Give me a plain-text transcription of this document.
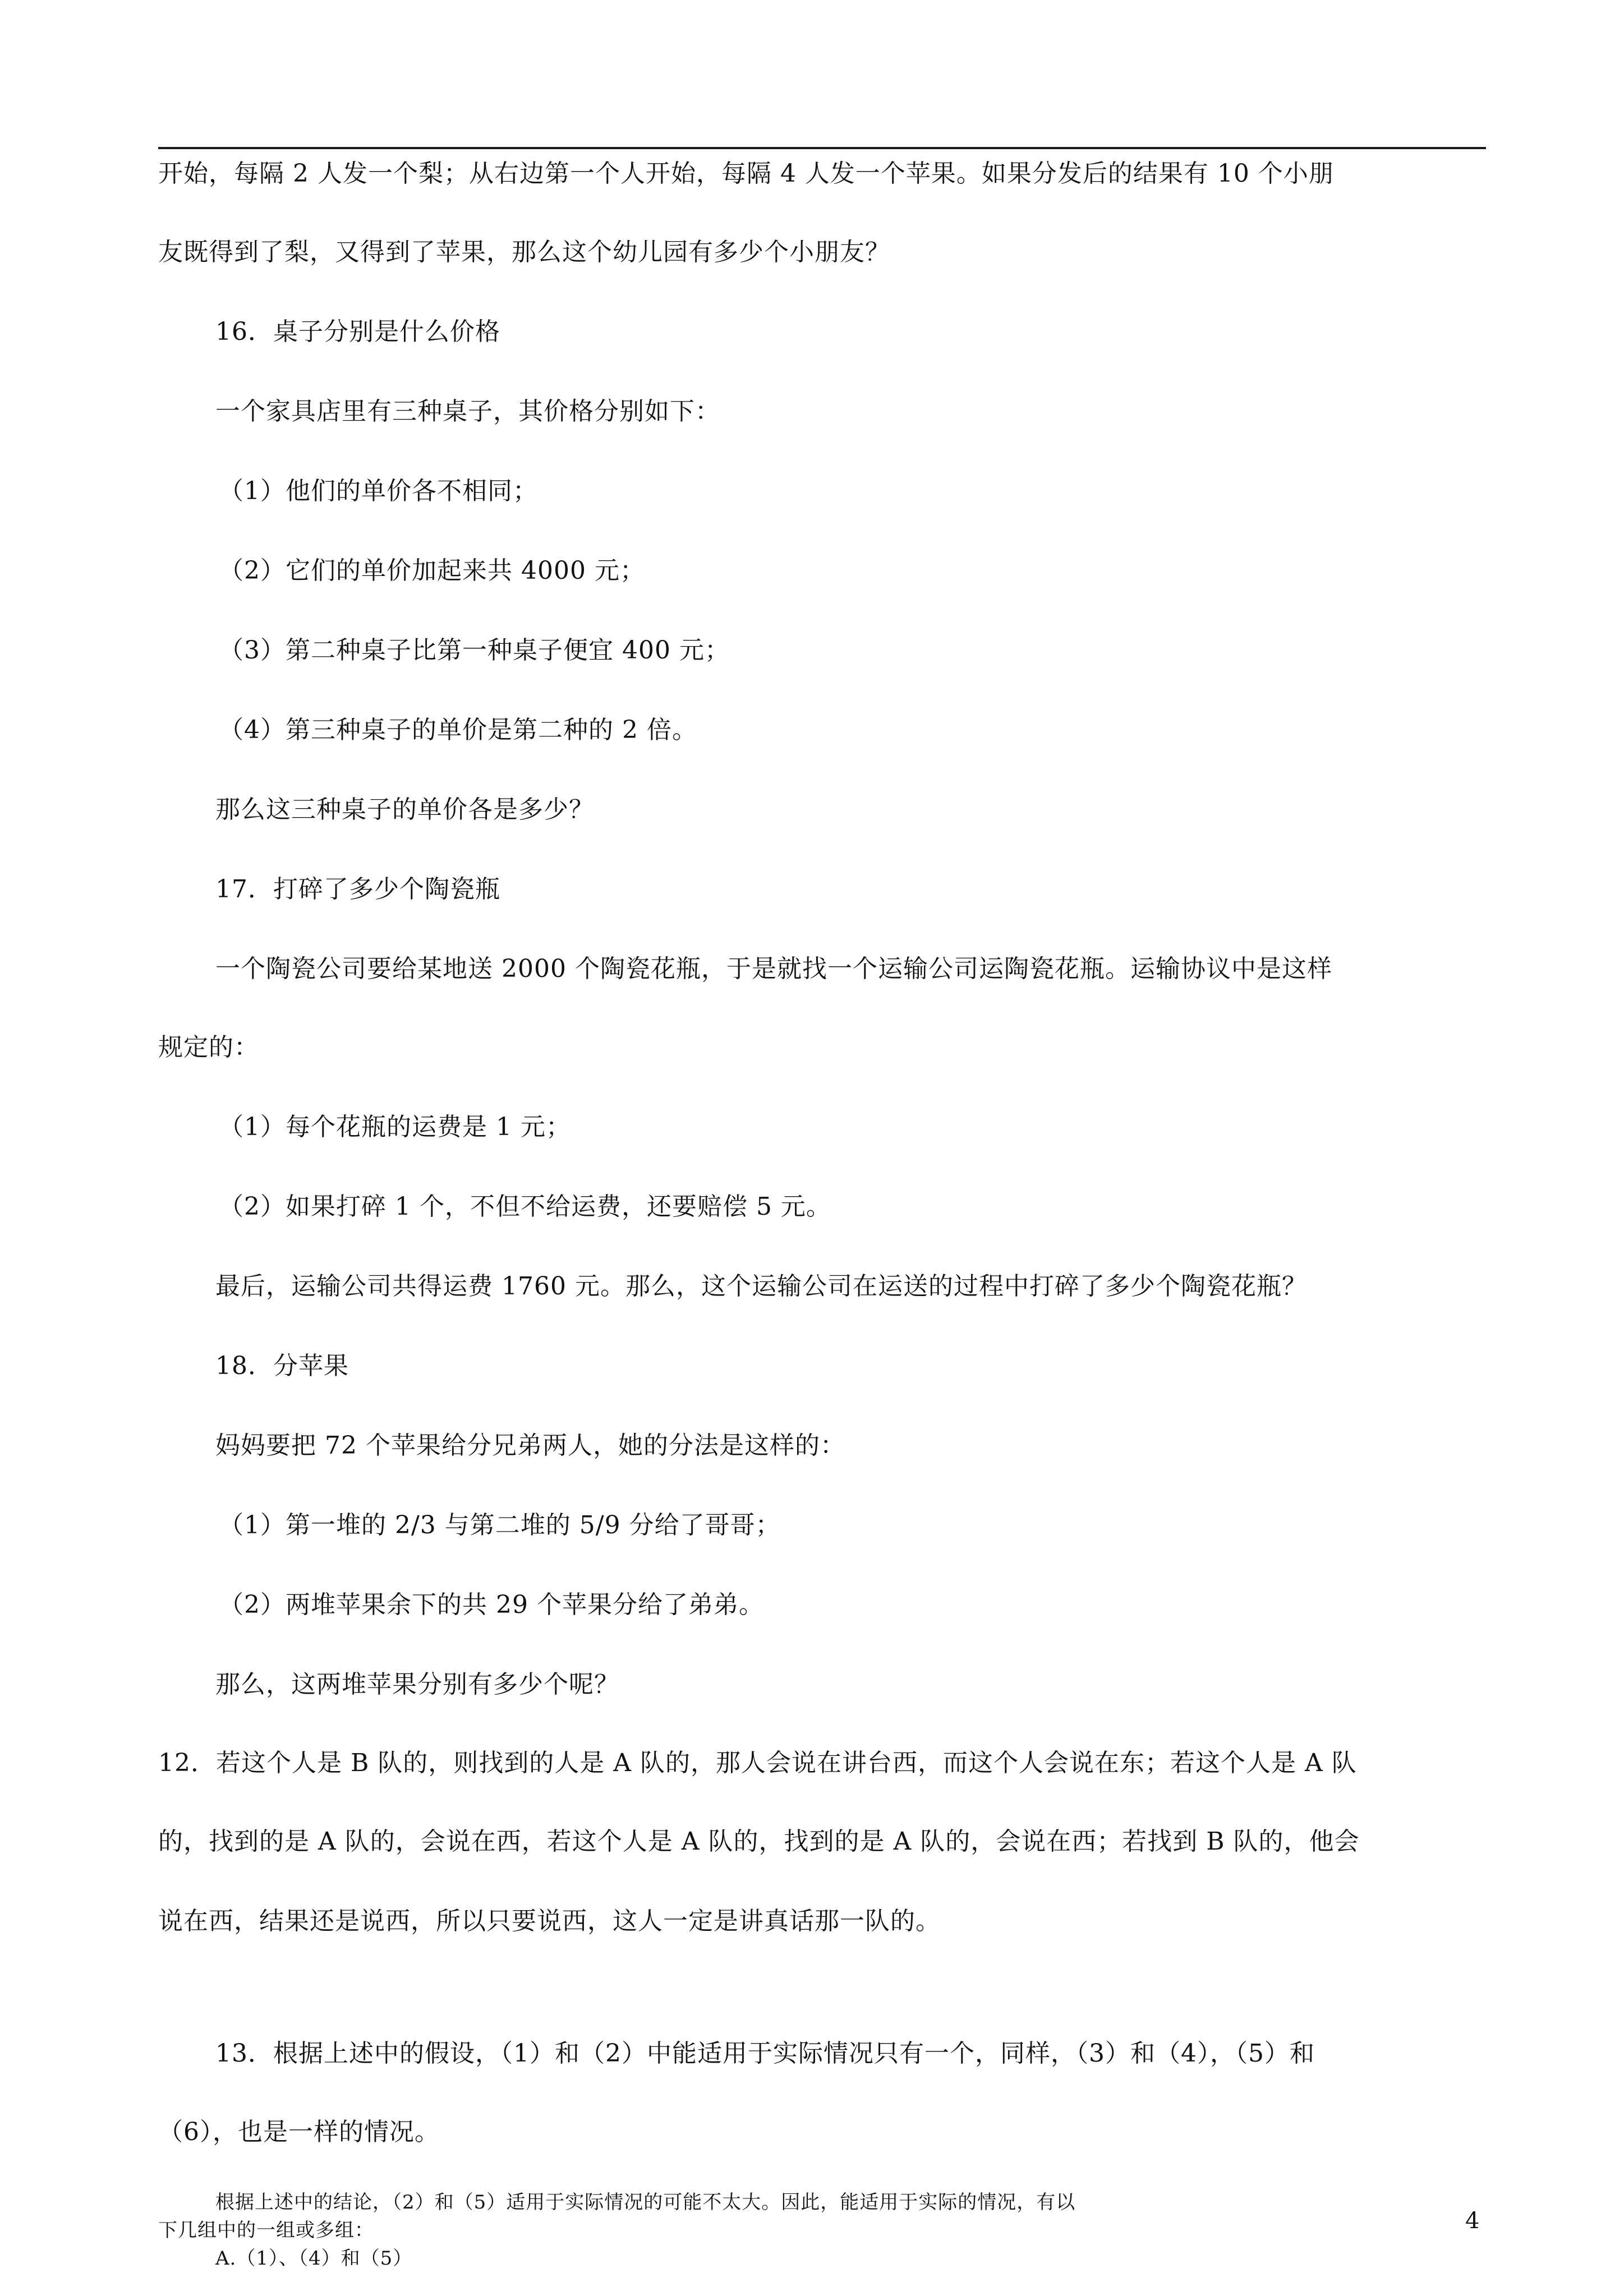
开始，每隔 2 人发一个梨；从右边第一个人开始，每隔 4 人发一个苹果。如果分发后的结果有 10 个小朋
友既得到了梨，又得到了苹果，那么这个幼儿园有多少个小朋友？
16．桌子分别是什么价格
一个家具店里有三种桌子，其价格分别如下：
（1）他们的单价各不相同；
（2）它们的单价加起来共 4000 元；
（3）第二种桌子比第一种桌子便宜 400 元；
（4）第三种桌子的单价是第二种的 2 倍。
那么这三种桌子的单价各是多少？
17．打碎了多少个陶瓷瓶
一个陶瓷公司要给某地送 2000 个陶瓷花瓶，于是就找一个运输公司运陶瓷花瓶。运输协议中是这样
规定的：
（1）每个花瓶的运费是 1 元；
（2）如果打碎 1 个，不但不给运费，还要赔偿 5 元。
最后，运输公司共得运费 1760 元。那么，这个运输公司在运送的过程中打碎了多少个陶瓷花瓶？
18．分苹果
妈妈要把 72 个苹果给分兄弟两人，她的分法是这样的：
（1）第一堆的 2/3 与第二堆的 5/9 分给了哥哥；
（2）两堆苹果余下的共 29 个苹果分给了弟弟。
那么，这两堆苹果分别有多少个呢？
12．若这个人是 B 队的，则找到的人是 A 队的，那人会说在讲台西，而这个人会说在东；若这个人是 A 队
的，找到的是 A 队的，会说在西，若这个人是 A 队的，找到的是 A 队的，会说在西；若找到 B 队的，他会
说在西，结果还是说西，所以只要说西，这人一定是讲真话那一队的。
13．根据上述中的假设，（1）和（2）中能适用于实际情况只有一个，同样，（3）和（4），（5）和
（6），也是一样的情况。
根据上述中的结论，（2）和（5）适用于实际情况的可能不太大。因此，能适用于实际的情况，有以
下几组中的一组或多组：
A.（1）、（4）和（5）
4
